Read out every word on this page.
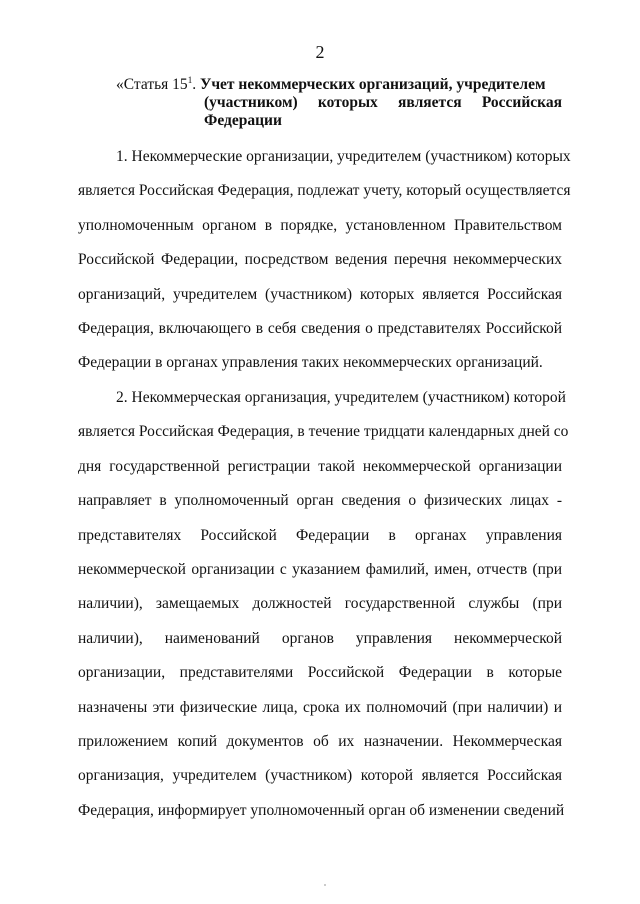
2
«Статья $15^1$. Учет некоммерческих организаций, учредителем
(участником) которых является Российская
Федерации
1. Некоммерческие организации, учредителем (участником) которых
является Российская Федерация, подлежат учету, который осуществляется
уполномоченным органом в порядке, установленном Правительством
Российской Федерации, посредством ведения перечня некоммерческих
организаций, учредителем (участником) которых является Российская
Федерация, включающего в себя сведения о представителях Российской
Федерации в органах управления таких некоммерческих организаций.
2. Некоммерческая организация, учредителем (участником) которой
является Российская Федерация, в течение тридцати календарных дней со
дня государственной регистрации такой некоммерческой организации
направляет в уполномоченный орган сведения о физических лицах -
представителях Российской Федерации в органах управления
некоммерческой организации с указанием фамилий, имен, отчеств (при
наличии), замещаемых должностей государственной службы (при
наличии), наименований органов управления некоммерческой
организации, представителями Российской Федерации в которые
назначены эти физические лица, срока их полномочий (при наличии) и
приложением копий документов об их назначении. Некоммерческая
организация, учредителем (участником) которой является Российская
Федерация, информирует уполномоченный орган об изменении сведений
